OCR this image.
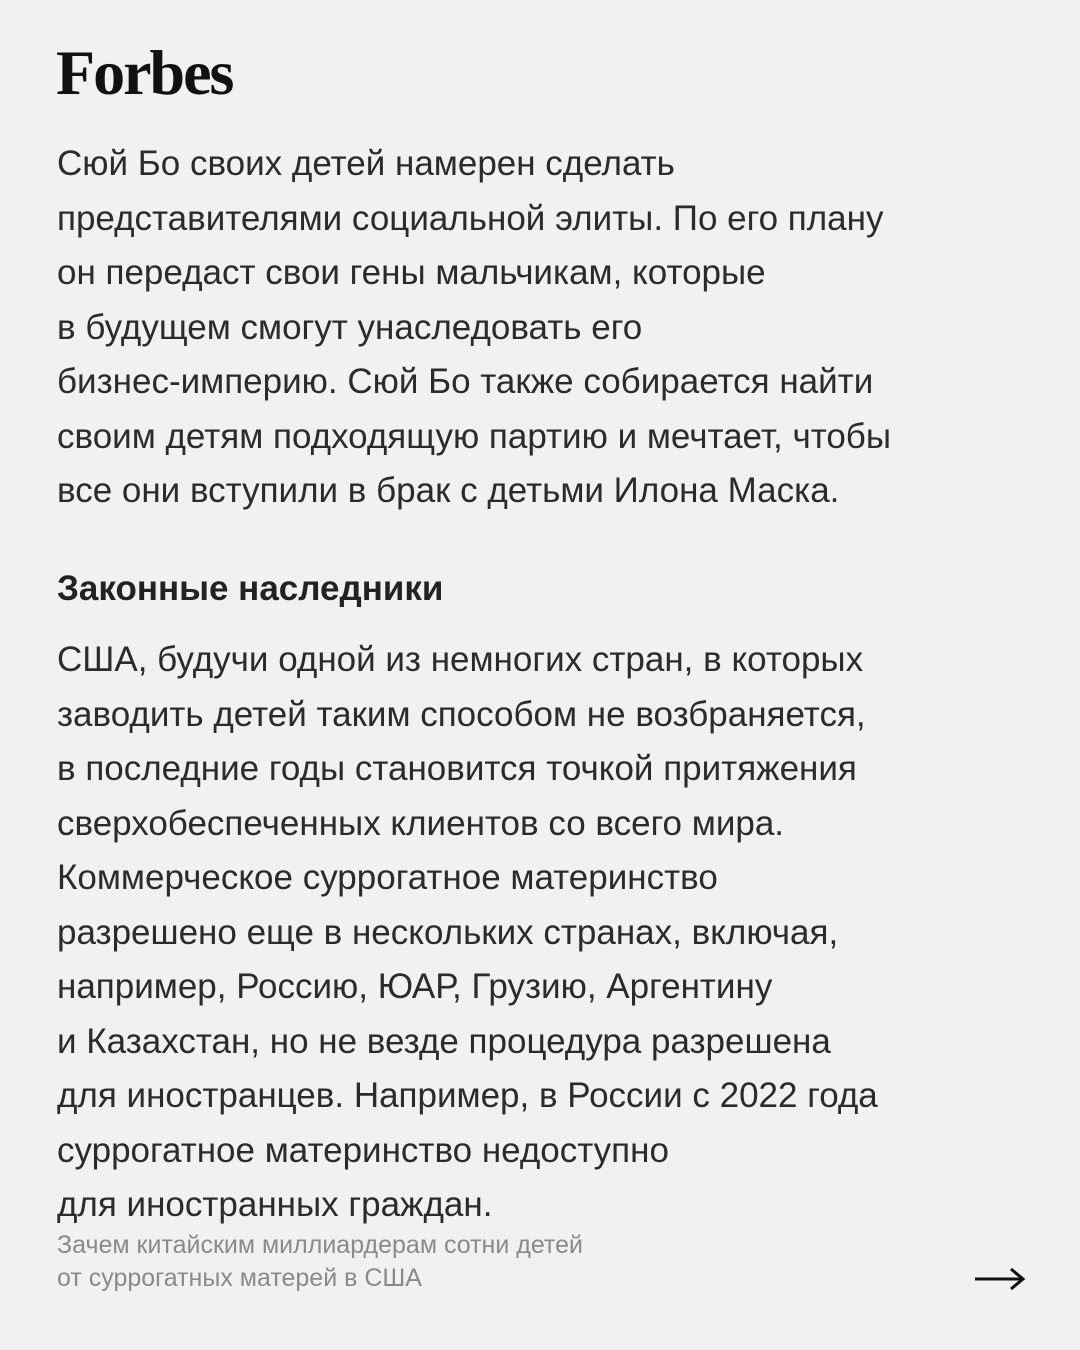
Forbes

Сюй Бо своих детей намерен сделать
представителями социальной элиты. По его плану
он передаст свои гены мальчикам, которые
в будущем смогут унаследовать его
бизнес-империю. Сюй Бо также собирается найти
своим детям подходящую партию и мечтает, чтобы
все они вступили в брак с детьми Илона Маска.

Законные наследники

США, будучи одной из немногих стран, в которых
заводить детей таким способом не возбраняется,
в последние годы становится точкой притяжения
сверхобеспеченных клиентов со всего мира.
Коммерческое суррогатное материнство
разрешено еще в нескольких странах, включая,
например, Россию, ЮАР, Грузию, Аргентину
и Казахстан, но не везде процедура разрешена
для иностранцев. Например, в России с 2022 года
суррогатное материнство недоступно
для иностранных граждан.

Зачем китайским миллиардерам сотни детей
от суррогатных матерей в США
